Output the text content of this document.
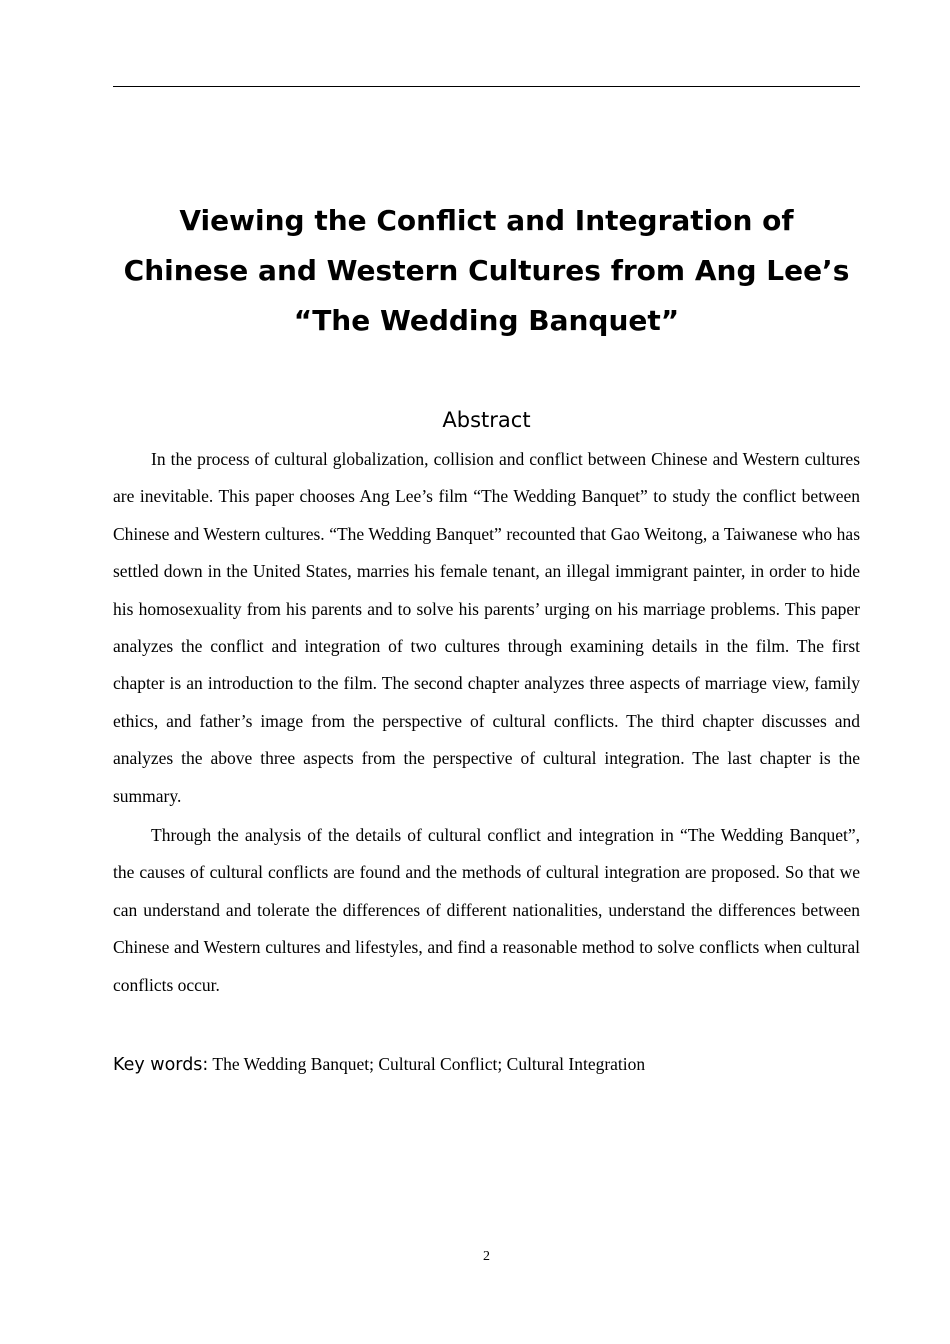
Viewing the Conflict and Integration of
Chinese and Western Cultures from Ang Lee’s
“The Wedding Banquet”
Abstract

In the process of cultural globalization, collision and conflict between Chinese and Western cultures are inevitable. This paper chooses Ang Lee’s film “The Wedding Banquet” to study the conflict between Chinese and Western cultures. “The Wedding Banquet” recounted that Gao Weitong, a Taiwanese who has settled down in the United States, marries his female tenant, an illegal immigrant painter, in order to hide his homosexuality from his parents and to solve his parents’ urging on his marriage problems. This paper analyzes the conflict and integration of two cultures through examining details in the film. The first chapter is an introduction to the film. The second chapter analyzes three aspects of marriage view, family ethics, and father’s image from the perspective of cultural conflicts. The third chapter discusses and analyzes the above three aspects from the perspective of cultural integration. The last chapter is the summary.

Through the analysis of the details of cultural conflict and integration in “The Wedding Banquet”, the causes of cultural conflicts are found and the methods of cultural integration are proposed. So that we can understand and tolerate the differences of different nationalities, understand the differences between Chinese and Western cultures and lifestyles, and find a reasonable method to solve conflicts when cultural conflicts occur.

Key words: The Wedding Banquet; Cultural Conflict; Cultural Integration

2
